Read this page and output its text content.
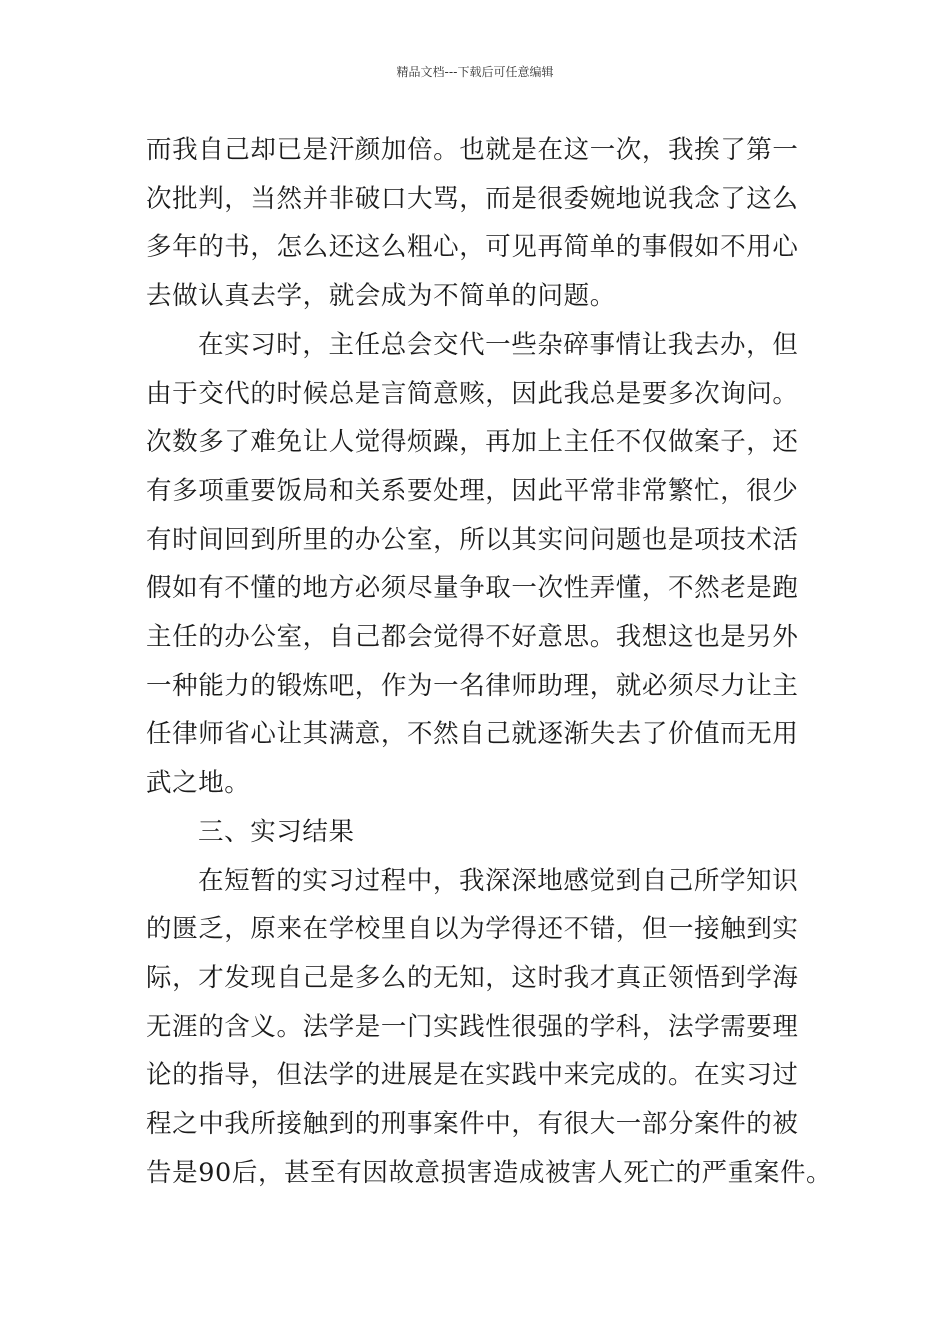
精品文档---下载后可任意编辑
而我自己却已是汗颜加倍。也就是在这一次，我挨了第一
次批判，当然并非破口大骂，而是很委婉地说我念了这么
多年的书，怎么还这么粗心，可见再简单的事假如不用心
去做认真去学，就会成为不简单的问题。
在实习时，主任总会交代一些杂碎事情让我去办，但
由于交代的时候总是言简意赅，因此我总是要多次询问。
次数多了难免让人觉得烦躁，再加上主任不仅做案子，还
有多项重要饭局和关系要处理，因此平常非常繁忙，很少
有时间回到所里的办公室，所以其实问问题也是项技术活
假如有不懂的地方必须尽量争取一次性弄懂，不然老是跑
主任的办公室，自己都会觉得不好意思。我想这也是另外
一种能力的锻炼吧，作为一名律师助理，就必须尽力让主
任律师省心让其满意，不然自己就逐渐失去了价值而无用
武之地。
三、实习结果
在短暂的实习过程中，我深深地感觉到自己所学知识
的匮乏，原来在学校里自以为学得还不错，但一接触到实
际，才发现自己是多么的无知，这时我才真正领悟到学海
无涯的含义。法学是一门实践性很强的学科，法学需要理
论的指导，但法学的进展是在实践中来完成的。在实习过
程之中我所接触到的刑事案件中，有很大一部分案件的被
告是90后，甚至有因故意损害造成被害人死亡的严重案件。
